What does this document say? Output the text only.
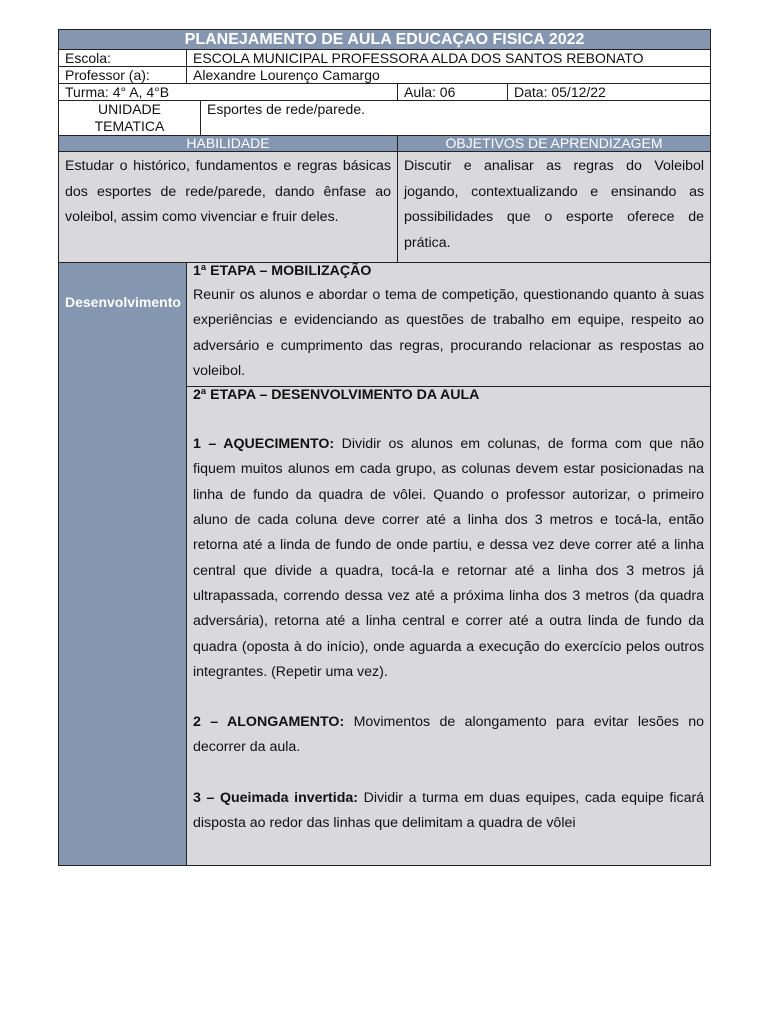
PLANEJAMENTO DE AULA EDUCAÇAO FISICA 2022				
Escola:	ESCOLA MUNICIPAL PROFESSORA ALDA DOS SANTOS REBONATO			
Professor (a):	Alexandre Lourenço Camargo			
Turma: 4° A, 4°B			Aula: 06	Data: 05/12/22

UNIDADE
TEMATICA		Esportes de rede/parede.		
HABILIDADE			OBJETIVOS DE APRENDIZAGEM	
Estudar o histórico, fundamentos e regras básicas dos esportes de rede/parede, dando ênfase ao voleibol, assim como vivenciar e fruir deles.			Discutir e analisar as regras do Voleibol jogando, contextualizando e ensinando as possibilidades que o esporte oferece de prática.	
Desenvolvimento	1ª ETAPA – MOBILIZAÇÃO

Reunir os alunos e abordar o tema de competição, questionando quanto à suas experiências e evidenciando as questões de trabalho em equipe, respeito ao adversário e cumprimento das regras, procurando relacionar as respostas ao voleibol.			

	2ª ETAPA – DESENVOLVIMENTO DA AULA

1 – AQUECIMENTO: Dividir os alunos em colunas, de forma com que não fiquem muitos alunos em cada grupo, as colunas devem estar posicionadas na linha de fundo da quadra de vôlei. Quando o professor autorizar, o primeiro aluno de cada coluna deve correr até a linha dos 3 metros e tocá-la, então retorna até a linda de fundo de onde partiu, e dessa vez deve correr até a linha central que divide a quadra, tocá-la e retornar até a linha dos 3 metros já ultrapassada, correndo dessa vez até a próxima linha dos 3 metros (da quadra adversária), retorna até a linha central e correr até a outra linda de fundo da quadra (oposta à do início), onde aguarda a execução do exercício pelos outros integrantes. (Repetir uma vez).

2 – ALONGAMENTO: Movimentos de alongamento para evitar lesões no decorrer da aula.

3 – Queimada invertida: Dividir a turma em duas equipes, cada equipe ficará disposta ao redor das linhas que delimitam a quadra de vôlei			
